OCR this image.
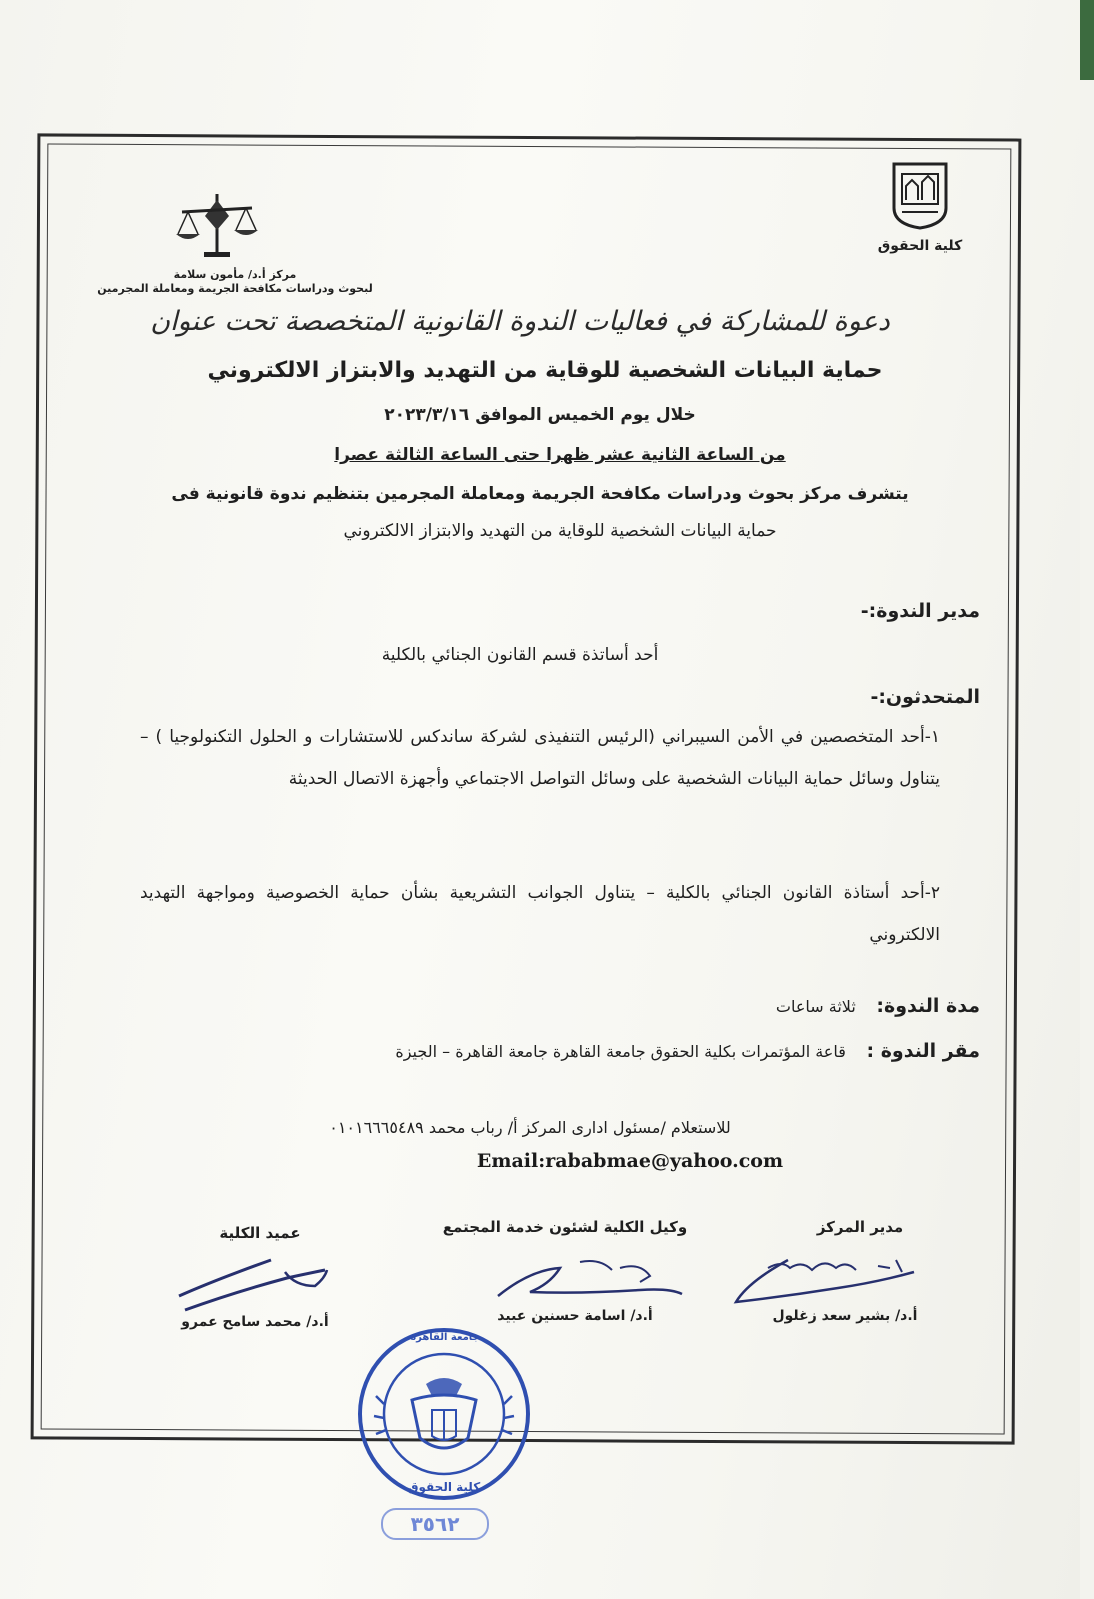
كلية الحقوق
مركز أ.د/ مأمون سلامة
لبحوث ودراسات مكافحة الجريمة ومعاملة المجرمين
دعوة للمشاركة في فعاليات الندوة القانونية المتخصصة تحت عنوان
حماية البيانات الشخصية للوقاية من التهديد والابتزاز الالكتروني
خلال يوم الخميس الموافق ٢٠٢٣/٣/١٦
من الساعة الثانية عشر ظهرا حتى الساعة الثالثة عصرا
يتشرف مركز بحوث ودراسات مكافحة الجريمة ومعاملة المجرمين بتنظيم ندوة قانونية فى
حماية البيانات الشخصية للوقاية من التهديد والابتزاز الالكتروني
مدير الندوة:-
أحد أساتذة قسم القانون الجنائي بالكلية
المتحدثون:-
١-أحد المتخصصين في الأمن السيبراني (الرئيس التنفيذى لشركة ساندكس للاستشارات و الحلول التكنولوجيا ) – يتناول وسائل حماية البيانات الشخصية على وسائل التواصل الاجتماعي وأجهزة الاتصال الحديثة
٢-أحد أستاذة القانون الجنائي بالكلية – يتناول الجوانب التشريعية بشأن حماية الخصوصية ومواجهة التهديد الالكتروني
مدة الندوة: ثلاثة ساعات
مقر الندوة : قاعة المؤتمرات بكلية الحقوق جامعة القاهرة جامعة القاهرة – الجيزة
للاستعلام /مسئول ادارى المركز أ/ رباب محمد ٠١٠١٦٦٦٥٤٨٩
Email:rababmae@yahoo.com
مدير المركز
أ.د/ بشير سعد زغلول
وكيل الكلية لشئون خدمة المجتمع
أ.د/ اسامة حسنين عبيد
عميد الكلية
أ.د/ محمد سامح عمرو
جامعة القاهرة
كلية الحقوق
٣٥٦٢
